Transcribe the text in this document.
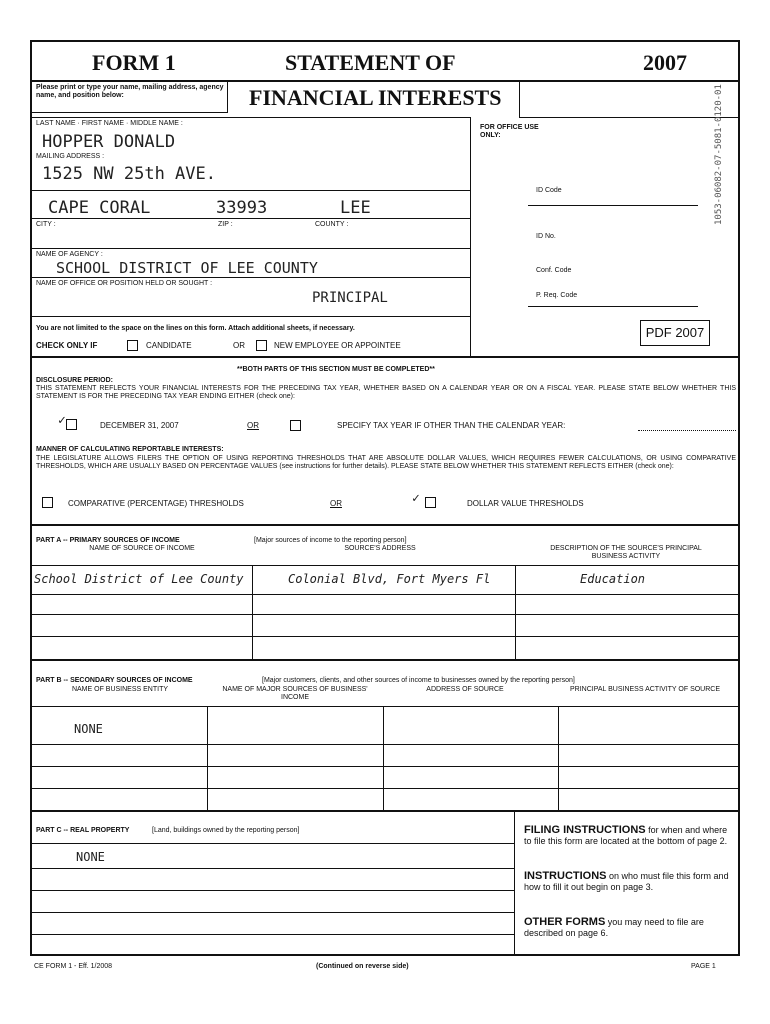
FORM 1	STATEMENT OF	2007
FINANCIAL INTERESTS
Please print or type your name, mailing address, agency name, and position below:
LAST NAME · FIRST NAME · MIDDLE NAME :
HOPPER DONALD
MAILING ADDRESS :
1525 NW 25th AVE.
CAPE CORAL	33993	LEE
CITY :	ZIP :	COUNTY :
NAME OF AGENCY :
SCHOOL DISTRICT OF LEE COUNTY
NAME OF OFFICE OR POSITION HELD OR SOUGHT :
PRINCIPAL
You are not limited to the space on the lines on this form. Attach additional sheets, if necessary.
CHECK ONLY IF	CANDIDATE	OR	NEW EMPLOYEE OR APPOINTEE
FOR OFFICE USE ONLY:	1053-06082-07-5081-0120-01
ID Code
ID No.
Conf. Code
P. Req. Code
PDF 2007
**BOTH PARTS OF THIS SECTION MUST BE COMPLETED**
DISCLOSURE PERIOD:
THIS STATEMENT REFLECTS YOUR FINANCIAL INTERESTS FOR THE PRECEDING TAX YEAR, WHETHER BASED ON A CALENDAR YEAR OR ON A FISCAL YEAR. PLEASE STATE BELOW WHETHER THIS STATEMENT IS FOR THE PRECEDING TAX YEAR ENDING EITHER (check one):
✓	DECEMBER 31, 2007	OR	SPECIFY TAX YEAR IF OTHER THAN THE CALENDAR YEAR:
MANNER OF CALCULATING REPORTABLE INTERESTS:
THE LEGISLATURE ALLOWS FILERS THE OPTION OF USING REPORTING THRESHOLDS THAT ARE ABSOLUTE DOLLAR VALUES, WHICH REQUIRES FEWER CALCULATIONS, OR USING COMPARATIVE THRESHOLDS, WHICH ARE USUALLY BASED ON PERCENTAGE VALUES (see instructions for further details). PLEASE STATE BELOW WHETHER THIS STATEMENT REFLECTS EITHER (check one):
COMPARATIVE (PERCENTAGE) THRESHOLDS	OR	✓	DOLLAR VALUE THRESHOLDS
PART A -- PRIMARY SOURCES OF INCOME	[Major sources of income to the reporting person]
NAME OF SOURCE OF INCOME	SOURCE'S ADDRESS	DESCRIPTION OF THE SOURCE'S PRINCIPAL BUSINESS ACTIVITY
School District of Lee County	Colonial Blvd, Fort Myers Fl	Education
PART B -- SECONDARY SOURCES OF INCOME	[Major customers, clients, and other sources of income to businesses owned by the reporting person]
NAME OF BUSINESS ENTITY	NAME OF MAJOR SOURCES OF BUSINESS' INCOME
ADDRESS OF SOURCE	PRINCIPAL BUSINESS ACTIVITY OF SOURCE
NONE
PART C -- REAL PROPERTY	[Land, buildings owned by the reporting person]
NONE
FILING INSTRUCTIONS for when and where to file this form are located at the bottom of page 2.
INSTRUCTIONS on who must file this form and how to fill it out begin on page 3.
OTHER FORMS you may need to file are described on page 6.
CE FORM 1 - Eff. 1/2008	(Continued on reverse side)	PAGE 1
